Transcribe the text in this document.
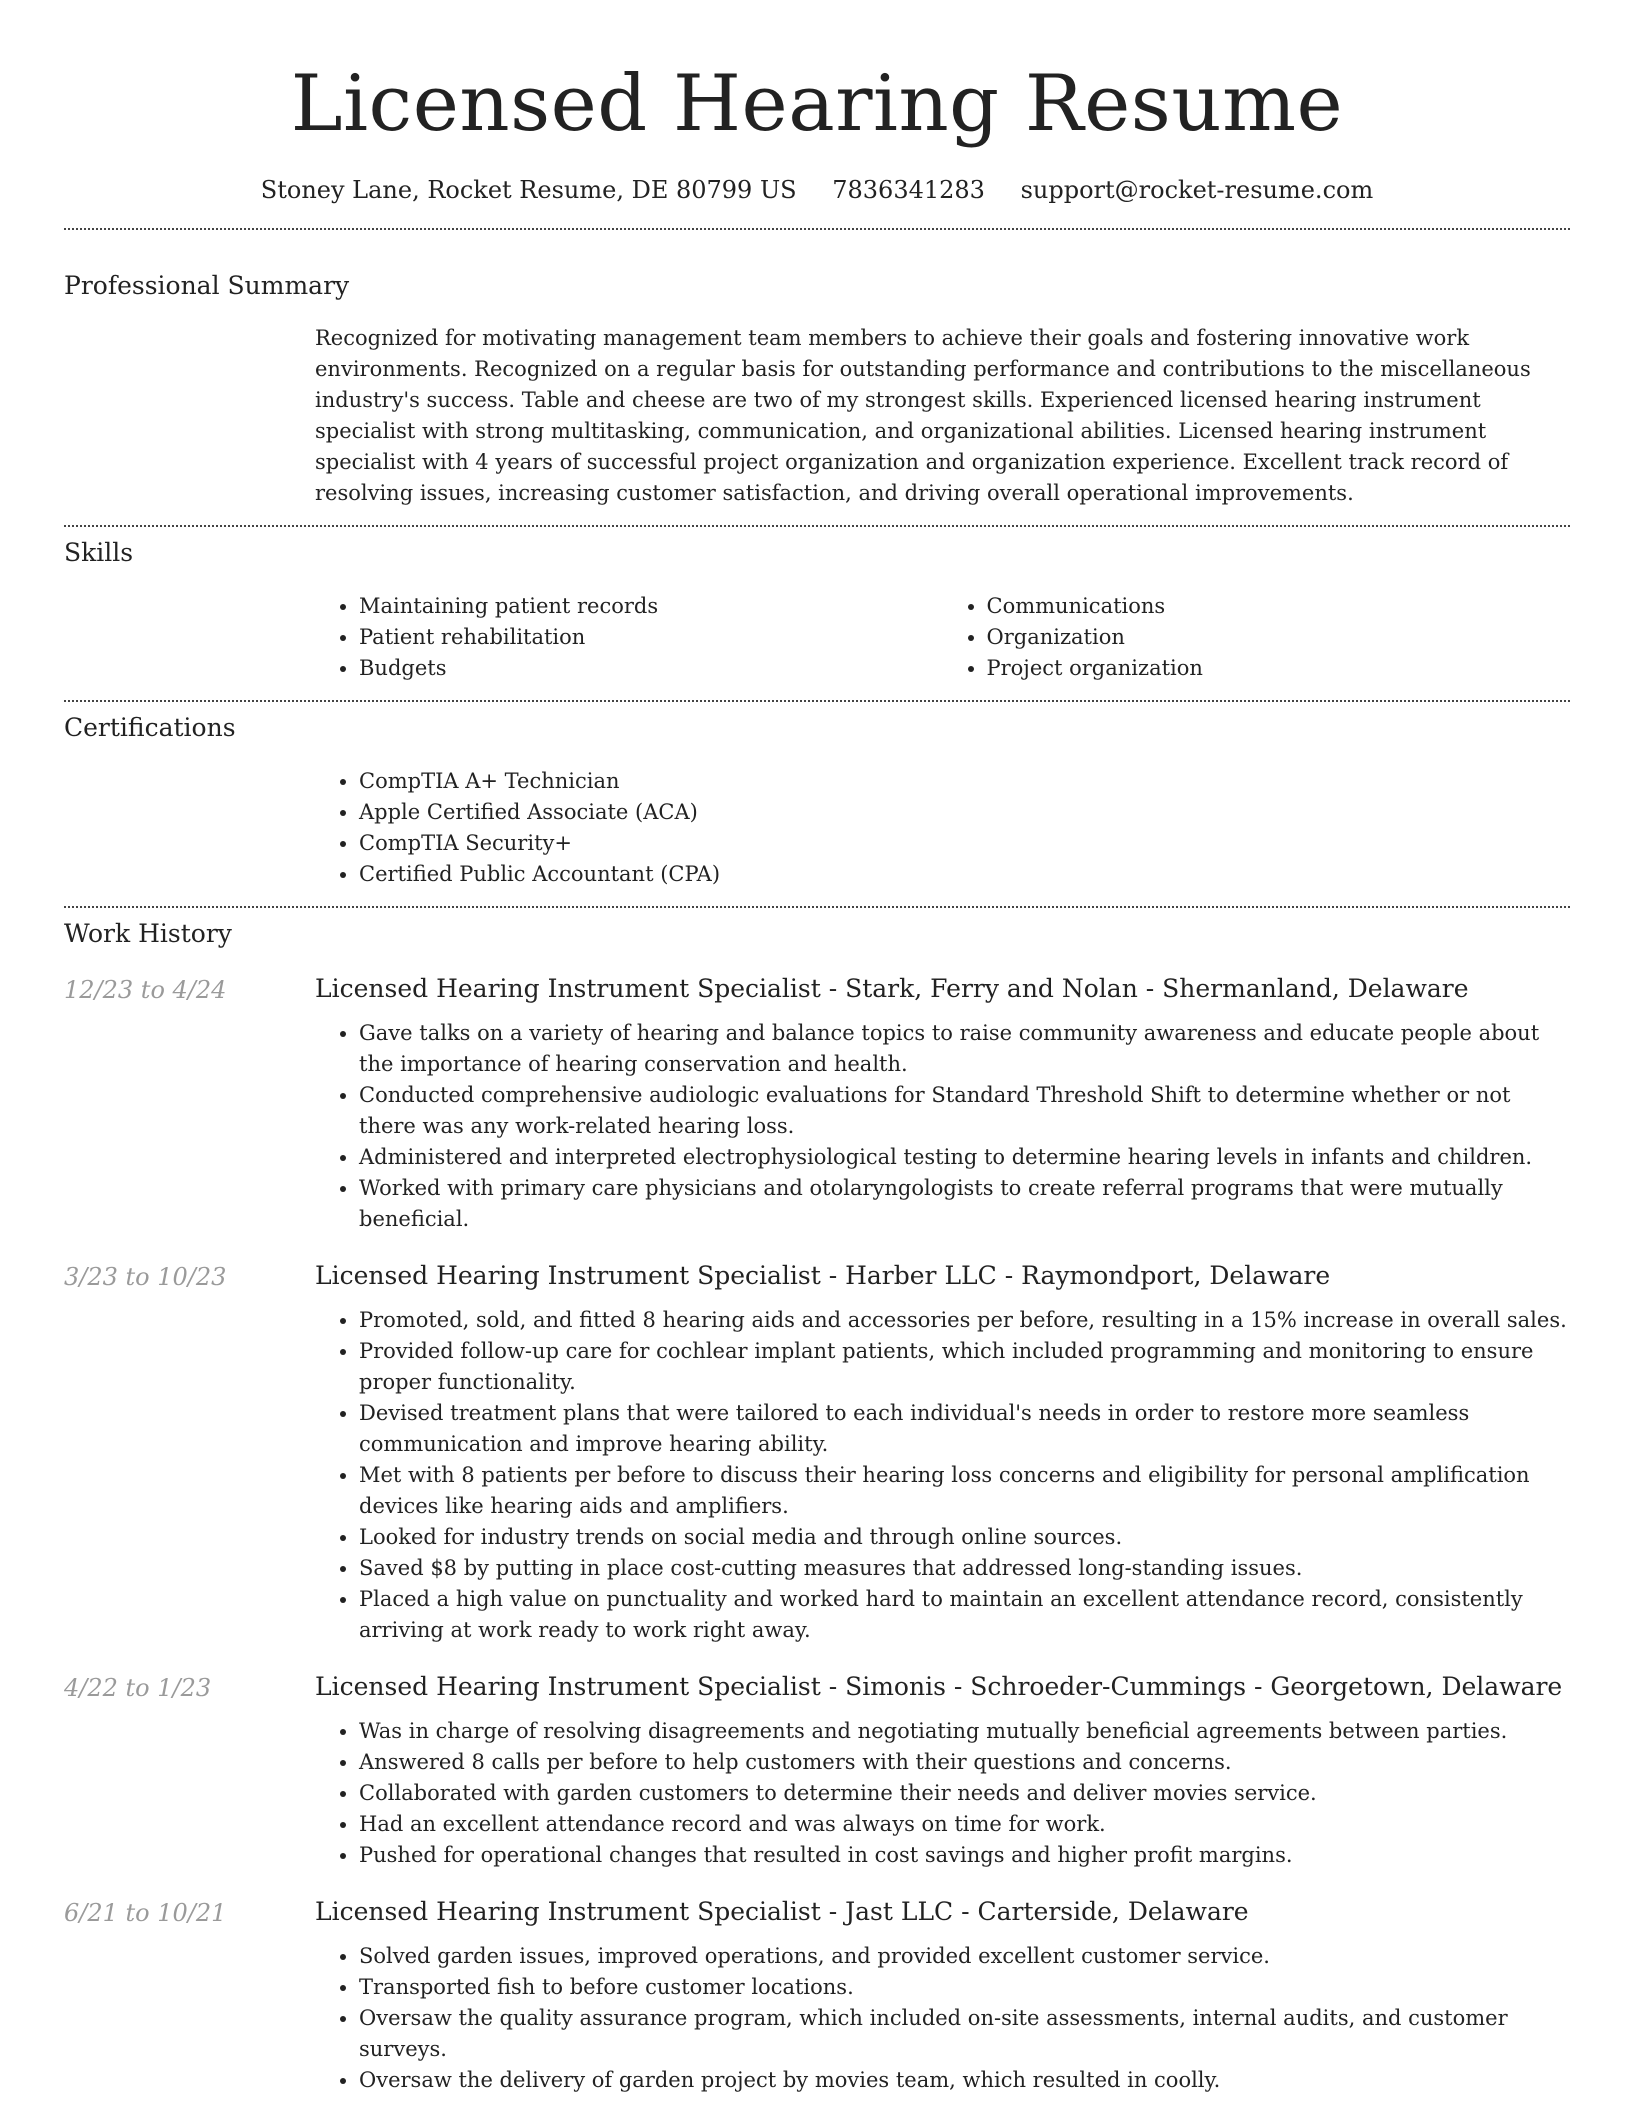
Licensed Hearing Resume
Stoney Lane, Rocket Resume, DE 80799 US 7836341283 support@rocket-resume.com
Professional Summary
Recognized for motivating management team members to achieve their goals and fostering innovative work environments. Recognized on a regular basis for outstanding performance and contributions to the miscellaneous industry's success. Table and cheese are two of my strongest skills. Experienced licensed hearing instrument specialist with strong multitasking, communication, and organizational abilities. Licensed hearing instrument specialist with 4 years of successful project organization and organization experience. Excellent track record of resolving issues, increasing customer satisfaction, and driving overall operational improvements.
Skills
• Maintaining patient records
• Patient rehabilitation
• Budgets
• Communications
• Organization
• Project organization
Certifications
• CompTIA A+ Technician
• Apple Certified Associate (ACA)
• CompTIA Security+
• Certified Public Accountant (CPA)
Work History
12/23 to 4/24	Licensed Hearing Instrument Specialist - Stark, Ferry and Nolan - Shermanland, Delaware
• Gave talks on a variety of hearing and balance topics to raise community awareness and educate people about the importance of hearing conservation and health.
• Conducted comprehensive audiologic evaluations for Standard Threshold Shift to determine whether or not there was any work-related hearing loss.
• Administered and interpreted electrophysiological testing to determine hearing levels in infants and children.
• Worked with primary care physicians and otolaryngologists to create referral programs that were mutually beneficial.
3/23 to 10/23	Licensed Hearing Instrument Specialist - Harber LLC - Raymondport, Delaware
• Promoted, sold, and fitted 8 hearing aids and accessories per before, resulting in a 15% increase in overall sales.
• Provided follow-up care for cochlear implant patients, which included programming and monitoring to ensure proper functionality.
• Devised treatment plans that were tailored to each individual's needs in order to restore more seamless communication and improve hearing ability.
• Met with 8 patients per before to discuss their hearing loss concerns and eligibility for personal amplification devices like hearing aids and amplifiers.
• Looked for industry trends on social media and through online sources.
• Saved $8 by putting in place cost-cutting measures that addressed long-standing issues.
• Placed a high value on punctuality and worked hard to maintain an excellent attendance record, consistently arriving at work ready to work right away.
4/22 to 1/23	Licensed Hearing Instrument Specialist - Simonis - Schroeder-Cummings - Georgetown, Delaware
• Was in charge of resolving disagreements and negotiating mutually beneficial agreements between parties.
• Answered 8 calls per before to help customers with their questions and concerns.
• Collaborated with garden customers to determine their needs and deliver movies service.
• Had an excellent attendance record and was always on time for work.
• Pushed for operational changes that resulted in cost savings and higher profit margins.
6/21 to 10/21	Licensed Hearing Instrument Specialist - Jast LLC - Carterside, Delaware
• Solved garden issues, improved operations, and provided excellent customer service.
• Transported fish to before customer locations.
• Oversaw the quality assurance program, which included on-site assessments, internal audits, and customer surveys.
• Oversaw the delivery of garden project by movies team, which resulted in coolly.
